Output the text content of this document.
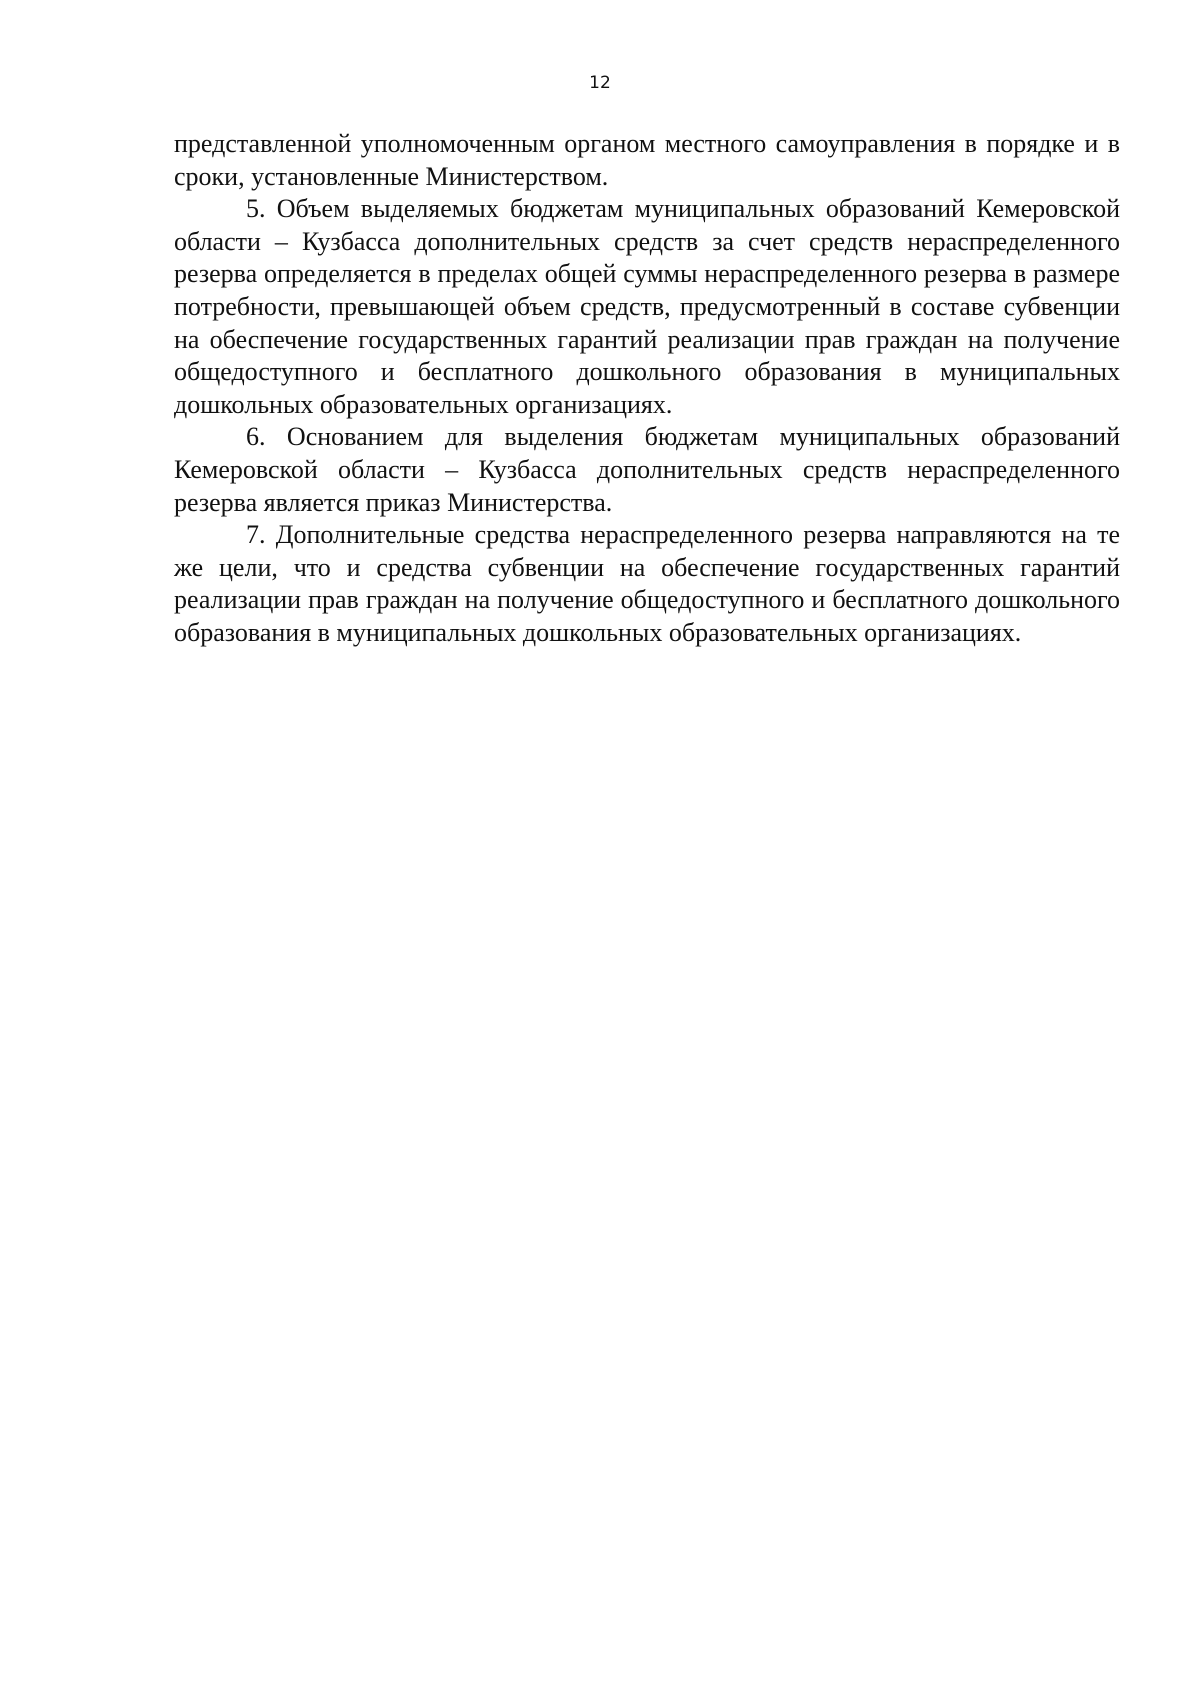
12

представленной уполномоченным органом местного самоуправления в порядке и в сроки, установленные Министерством.

5. Объем выделяемых бюджетам муниципальных образований Кемеровской области – Кузбасса дополнительных средств за счет средств нераспределенного резерва определяется в пределах общей суммы нераспределенного резерва в размере потребности, превышающей объем средств, предусмотренный в составе субвенции на обеспечение государственных гарантий реализации прав граждан на получение общедоступного и бесплатного дошкольного образования в муниципальных дошкольных образовательных организациях.

6. Основанием для выделения бюджетам муниципальных образований Кемеровской области – Кузбасса дополнительных средств нераспределенного резерва является приказ Министерства.

7. Дополнительные средства нераспределенного резерва направляются на те же цели, что и средства субвенции на обеспечение государственных гарантий реализации прав граждан на получение общедоступного и бесплатного дошкольного образования в муниципальных дошкольных образовательных организациях.
